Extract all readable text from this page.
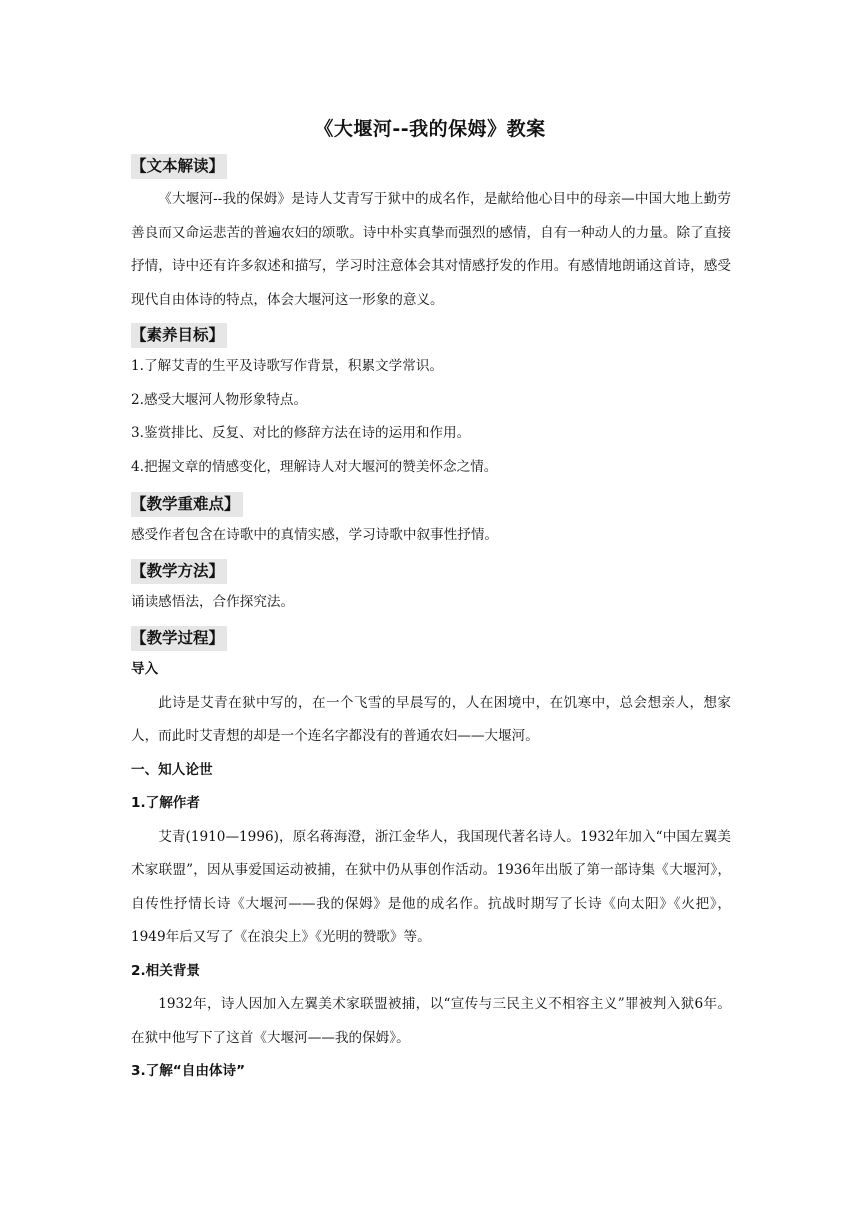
《大堰河--我的保姆》教案
【文本解读】

《大堰河--我的保姆》是诗人艾青写于狱中的成名作，是献给他心目中的母亲—中国大地上勤劳善良而又命运悲苦的普遍农妇的颂歌。诗中朴实真挚而强烈的感情，自有一种动人的力量。除了直接抒情，诗中还有许多叙述和描写，学习时注意体会其对情感抒发的作用。有感情地朗诵这首诗，感受现代自由体诗的特点，体会大堰河这一形象的意义。

【素养目标】

1.了解艾青的生平及诗歌写作背景，积累文学常识。

2.感受大堰河人物形象特点。

3.鉴赏排比、反复、对比的修辞方法在诗的运用和作用。

4.把握文章的情感变化，理解诗人对大堰河的赞美怀念之情。

【教学重难点】

感受作者包含在诗歌中的真情实感，学习诗歌中叙事性抒情。

【教学方法】

诵读感悟法，合作探究法。

【教学过程】

导入

此诗是艾青在狱中写的，在一个飞雪的早晨写的，人在困境中，在饥寒中，总会想亲人，想家人，而此时艾青想的却是一个连名字都没有的普通农妇——大堰河。

一、知人论世

1.了解作者

艾青(1910—1996)，原名蒋海澄，浙江金华人，我国现代著名诗人。1932年加入“中国左翼美术家联盟”，因从事爱国运动被捕，在狱中仍从事创作活动。1936年出版了第一部诗集《大堰河》，自传性抒情长诗《大堰河——我的保姆》是他的成名作。抗战时期写了长诗《向太阳》《火把》，1949年后又写了《在浪尖上》《光明的赞歌》等。

2.相关背景

1932年，诗人因加入左翼美术家联盟被捕，以“宣传与三民主义不相容主义”罪被判入狱6年。在狱中他写下了这首《大堰河——我的保姆》。

3.了解“自由体诗”
